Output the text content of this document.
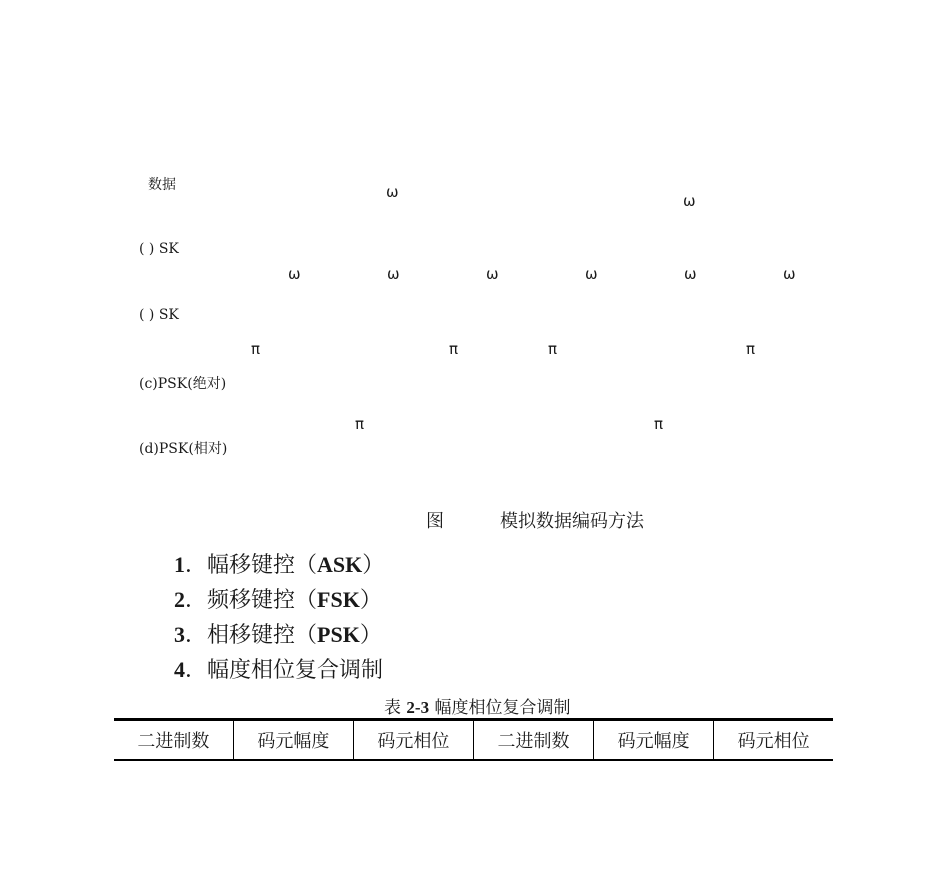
数据
( ) SK
( ) SK
(c)PSK(绝对)
(d)PSK(相对)
ω	ω
ω	ω	ω	ω	ω	ω
π	π	π	π
π	π
图	模拟数据编码方法
1．幅移键控（ASK）
2．频移键控（FSK）
3．相移键控（PSK）
4．幅度相位复合调制
表 2-3 幅度相位复合调制
二进制数	码元幅度	码元相位	二进制数	码元幅度	码元相位
